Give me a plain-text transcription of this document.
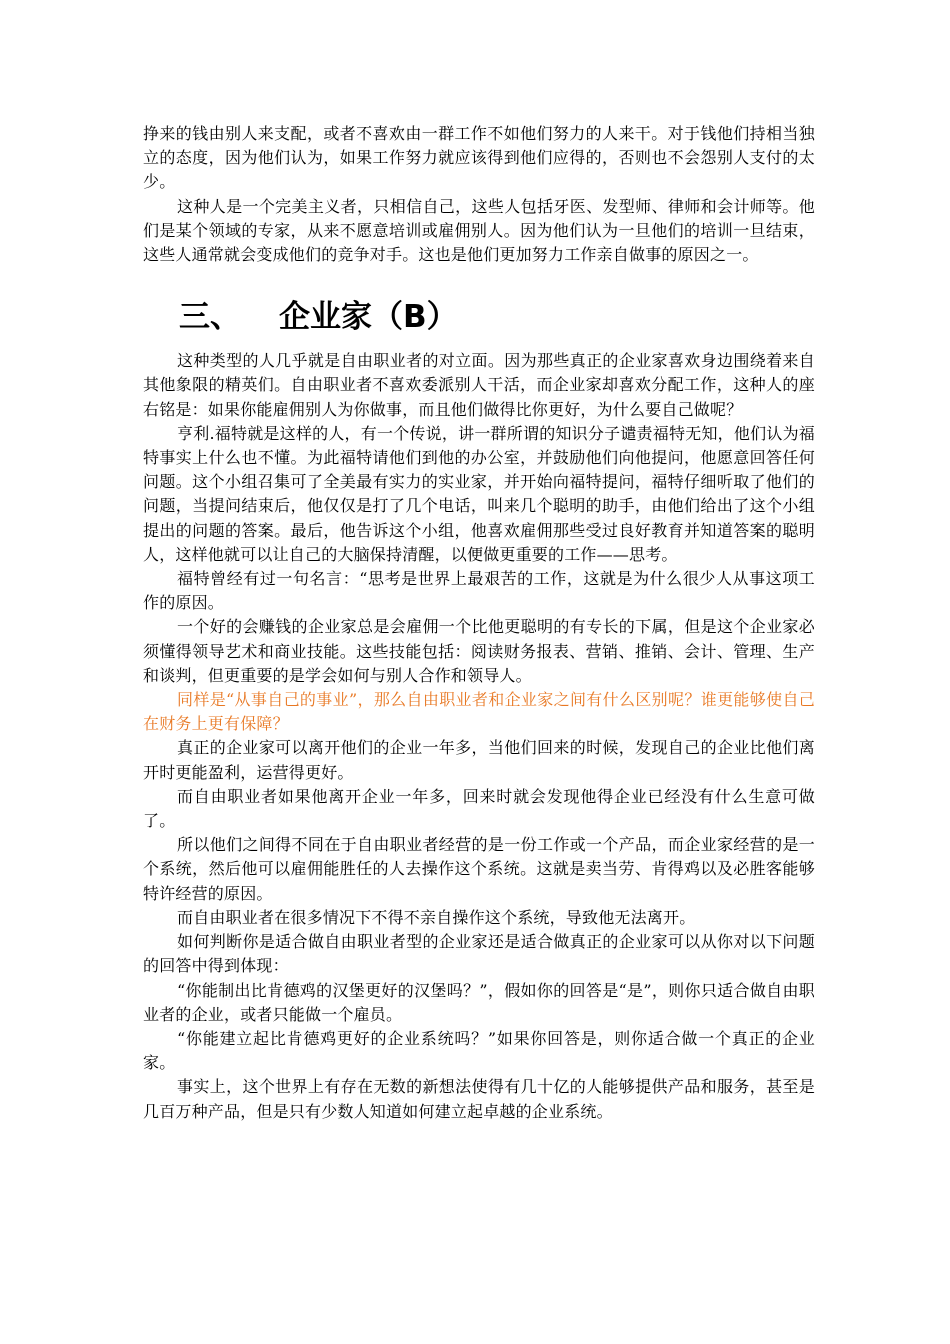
挣来的钱由别人来支配，或者不喜欢由一群工作不如他们努力的人来干。对于钱他们持相当独立的态度，因为他们认为，如果工作努力就应该得到他们应得的，否则也不会怨别人支付的太少。

这种人是一个完美主义者，只相信自己，这些人包括牙医、发型师、律师和会计师等。他们是某个领域的专家，从来不愿意培训或雇佣别人。因为他们认为一旦他们的培训一旦结束，这些人通常就会变成他们的竞争对手。这也是他们更加努力工作亲自做事的原因之一。

三、 企业家（B）

这种类型的人几乎就是自由职业者的对立面。因为那些真正的企业家喜欢身边围绕着来自其他象限的精英们。自由职业者不喜欢委派别人干活，而企业家却喜欢分配工作，这种人的座右铭是：如果你能雇佣别人为你做事，而且他们做得比你更好，为什么要自己做呢？

亨利.福特就是这样的人，有一个传说，讲一群所谓的知识分子谴责福特无知，他们认为福特事实上什么也不懂。为此福特请他们到他的办公室，并鼓励他们向他提问，他愿意回答任何问题。这个小组召集可了全美最有实力的实业家，并开始向福特提问，福特仔细听取了他们的问题，当提问结束后，他仅仅是打了几个电话，叫来几个聪明的助手，由他们给出了这个小组提出的问题的答案。最后，他告诉这个小组，他喜欢雇佣那些受过良好教育并知道答案的聪明人，这样他就可以让自己的大脑保持清醒，以便做更重要的工作——思考。

福特曾经有过一句名言：“思考是世界上最艰苦的工作，这就是为什么很少人从事这项工作的原因。

一个好的会赚钱的企业家总是会雇佣一个比他更聪明的有专长的下属，但是这个企业家必须懂得领导艺术和商业技能。这些技能包括：阅读财务报表、营销、推销、会计、管理、生产和谈判，但更重要的是学会如何与别人合作和领导人。

同样是“从事自己的事业”，那么自由职业者和企业家之间有什么区别呢？谁更能够使自己在财务上更有保障？

真正的企业家可以离开他们的企业一年多，当他们回来的时候，发现自己的企业比他们离开时更能盈利，运营得更好。

而自由职业者如果他离开企业一年多，回来时就会发现他得企业已经没有什么生意可做了。

所以他们之间得不同在于自由职业者经营的是一份工作或一个产品，而企业家经营的是一个系统，然后他可以雇佣能胜任的人去操作这个系统。这就是卖当劳、肯得鸡以及必胜客能够特许经营的原因。

而自由职业者在很多情况下不得不亲自操作这个系统，导致他无法离开。

如何判断你是适合做自由职业者型的企业家还是适合做真正的企业家可以从你对以下问题的回答中得到体现：

“你能制出比肯德鸡的汉堡更好的汉堡吗？”，假如你的回答是“是”，则你只适合做自由职业者的企业，或者只能做一个雇员。

“你能建立起比肯德鸡更好的企业系统吗？”如果你回答是，则你适合做一个真正的企业家。

事实上，这个世界上有存在无数的新想法使得有几十亿的人能够提供产品和服务，甚至是几百万种产品，但是只有少数人知道如何建立起卓越的企业系统。
